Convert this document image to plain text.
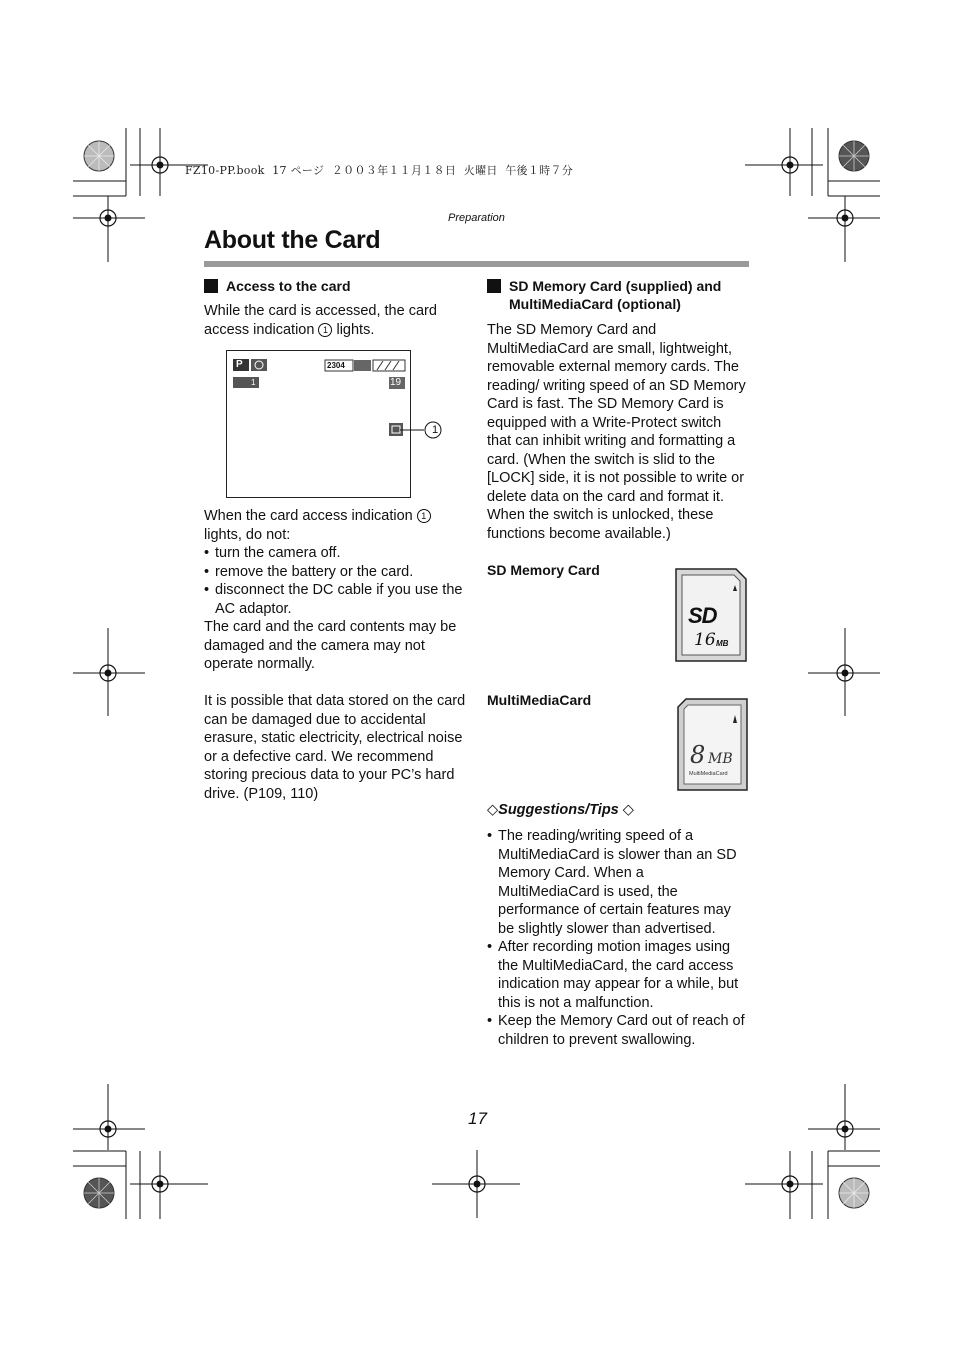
FZ10-PP.book  17 ページ  ２００３年１１月１８日  火曜日  午後１時７分
Preparation
About the Card
Access to the card
While the card is accessed, the card access indication 1 lights.
2304
P
1	19
1
When the card access indication 1 lights, do not:
• turn the camera off.
• remove the battery or the card.
• disconnect the DC cable if you use the AC adaptor.
The card and the card contents may be damaged and the camera may not operate normally.
It is possible that data stored on the card can be damaged due to accidental erasure, static electricity, electrical noise or a defective card. We recommend storing precious data to your PC’s hard drive. (P109, 110)
SD Memory Card (supplied) and MultiMediaCard (optional)
The SD Memory Card and MultiMediaCard are small, lightweight, removable external memory cards. The reading/ writing speed of an SD Memory Card is fast. The SD Memory Card is equipped with a Write-Protect switch that can inhibit writing and formatting a card. (When the switch is slid to the [LOCK] side, it is not possible to write or delete data on the card and format it. When the switch is unlocked, these functions become available.)
SD Memory Card
SD
16 MB
MultiMediaCard
8 MB
MultiMediaCard
◇Suggestions/Tips ◇
• The reading/writing speed of a MultiMediaCard is slower than an SD Memory Card. When a MultiMediaCard is used, the performance of certain features may be slightly slower than advertised.
• After recording motion images using the MultiMediaCard, the card access indication may appear for a while, but this is not a malfunction.
• Keep the Memory Card out of reach of children to prevent swallowing.
17
